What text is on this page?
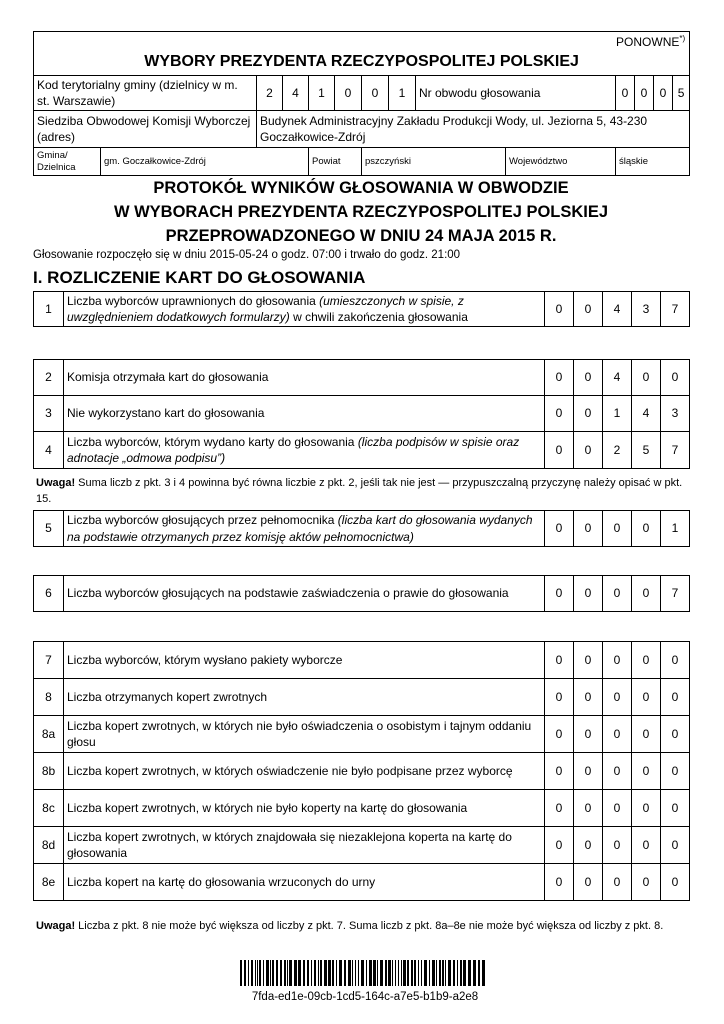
PONOWNE*)
WYBORY PREZYDENTA RZECZYPOSPOLITEJ POLSKIEJ													

Kod terytorialny gminy (dzielnicy w m. st. Warszawie)		2	4	1	0	0	1	Nr obwodu głosowania		0	0	0	5
Siedziba Obwodowej Komisji Wyborczej (adres)		Budynek Administracyjny Zakładu Produkcji Wody, ul. Jeziorna 5, 43-230 Goczałkowice-Zdrój											
Gmina/ Dzielnica	gm. Goczałkowice-Zdrój			Powiat		pszczyński			Województwo	śląskie			
PROTOKÓŁ WYNIKÓW GŁOSOWANIA W OBWODZIE
W WYBORACH PREZYDENTA RZECZYPOSPOLITEJ POLSKIEJ
PRZEPROWADZONEGO W DNIU 24 MAJA 2015 R.
Głosowanie rozpoczęło się w dniu 2015-05-24 o godz. 07:00 i trwało do godz. 21:00
I. ROZLICZENIE KART DO GŁOSOWANIA
1	Liczba wyborców uprawnionych do głosowania (umieszczonych w spisie, z uwzględnieniem dodatkowych formularzy) w chwili zakończenia głosowania	0	0	4	3	7
2	Komisja otrzymała kart do głosowania	0	0	4	0	0
3	Nie wykorzystano kart do głosowania	0	0	1	4	3
4	Liczba wyborców, którym wydano karty do głosowania (liczba podpisów w spisie oraz adnotacje „odmowa podpisu”)	0	0	2	5	7
Uwaga! Suma liczb z pkt. 3 i 4 powinna być równa liczbie z pkt. 2, jeśli tak nie jest — przypuszczalną przyczynę należy opisać w pkt. 15.
5	Liczba wyborców głosujących przez pełnomocnika (liczba kart do głosowania wydanych na podstawie otrzymanych przez komisję aktów pełnomocnictwa)	0	0	0	0	1
6	Liczba wyborców głosujących na podstawie zaświadczenia o prawie do głosowania	0	0	0	0	7
7	Liczba wyborców, którym wysłano pakiety wyborcze	0	0	0	0	0
8	Liczba otrzymanych kopert zwrotnych	0	0	0	0	0
8a	Liczba kopert zwrotnych, w których nie było oświadczenia o osobistym i tajnym oddaniu głosu	0	0	0	0	0
8b	Liczba kopert zwrotnych, w których oświadczenie nie było podpisane przez wyborcę	0	0	0	0	0
8c	Liczba kopert zwrotnych, w których nie było koperty na kartę do głosowania	0	0	0	0	0
8d	Liczba kopert zwrotnych, w których znajdowała się niezaklejona koperta na kartę do głosowania	0	0	0	0	0
8e	Liczba kopert na kartę do głosowania wrzuconych do urny	0	0	0	0	0
Uwaga! Liczba z pkt. 8 nie może być większa od liczby z pkt. 7. Suma liczb z pkt. 8a–8e nie może być większa od liczby z pkt. 8.
7fda-ed1e-09cb-1cd5-164c-a7e5-b1b9-a2e8
